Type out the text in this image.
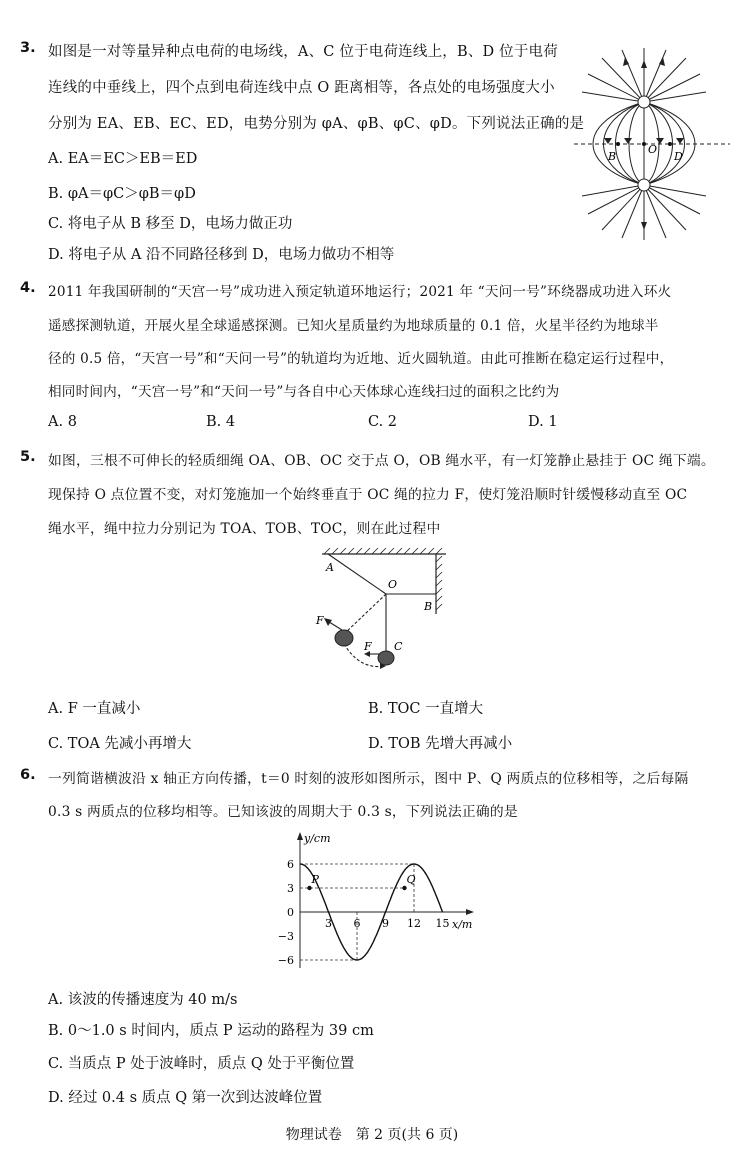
3. 如图是一对等量异种点电荷的电场线，A、C 位于电荷连线上，B、D 位于电荷
连线的中垂线上，四个点到电荷连线中点 O 距离相等，各点处的电场强度大小
分别为 EA、EB、EC、ED，电势分别为 φA、φB、φC、φD。下列说法正确的是
A. EA＝EC＞EB＝ED
B. φA＝φC＞φB＝φD
C. 将电子从 B 移至 D，电场力做正功
D. 将电子从 A 沿不同路径移到 D，电场力做功不相等
B
O
D
4. 2011 年我国研制的“天宫一号”成功进入预定轨道环地运行；2021 年 “天问一号”环绕器成功进入环火
遥感探测轨道，开展火星全球遥感探测。已知火星质量约为地球质量的 0.1 倍，火星半径约为地球半
径的 0.5 倍，“天宫一号”和“天问一号”的轨道均为近地、近火圆轨道。由此可推断在稳定运行过程中，
相同时间内，“天宫一号”和“天问一号”与各自中心天体球心连线扫过的面积之比约为
A. 8	B. 4	C. 2	D. 1
5. 如图，三根不可伸长的轻质细绳 OA、OB、OC 交于点 O，OB 绳水平，有一灯笼静止悬挂于 OC 绳下端。
现保持 O 点位置不变，对灯笼施加一个始终垂直于 OC 绳的拉力 F，使灯笼沿顺时针缓慢移动直至 OC
绳水平，绳中拉力分别记为 TOA、TOB、TOC，则在此过程中
A
O
B
C
F
F
A. F 一直减小	B. TOC 一直增大
C. TOA 先减小再增大	D. TOB 先增大再减小
6. 一列简谐横波沿 x 轴正方向传播，t＝0 时刻的波形如图所示，图中 P、Q 两质点的位移相等，之后每隔
0.3 s 两质点的位移均相等。已知该波的周期大于 0.3 s，下列说法正确的是
6
3
0
−3
−6
3 6 9 12 15
P	Q
y/cm
x/m
A. 该波的传播速度为 40 m/s
B. 0～1.0 s 时间内，质点 P 运动的路程为 39 cm
C. 当质点 P 处于波峰时，质点 Q 处于平衡位置
D. 经过 0.4 s 质点 Q 第一次到达波峰位置
物理试卷　第 2 页(共 6 页)
